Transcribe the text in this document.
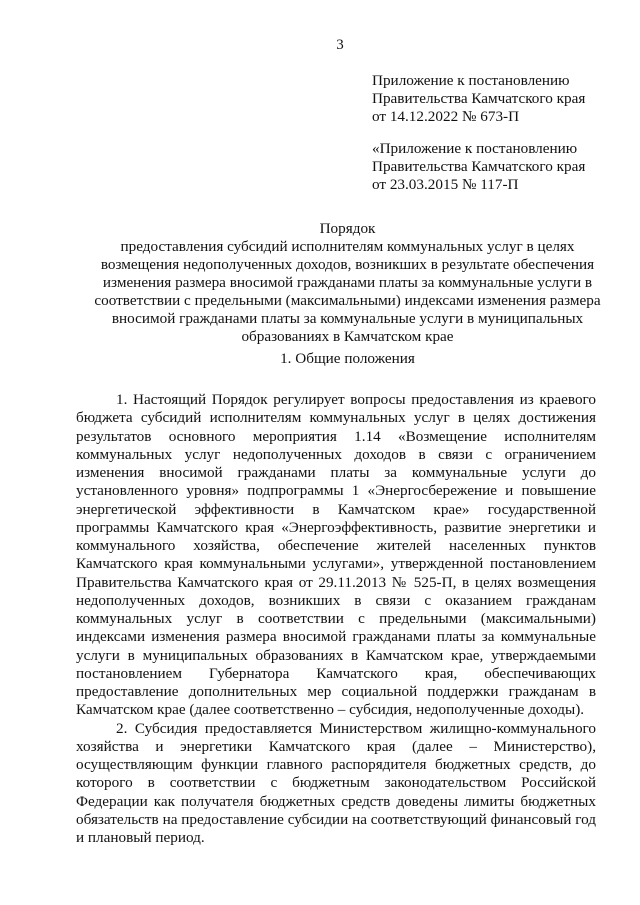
3
Приложение к постановлению
Правительства Камчатского края
от 14.12.2022 № 673-П
«Приложение к постановлению
Правительства Камчатского края
от 23.03.2015 № 117-П
Порядок
предоставления субсидий исполнителям коммунальных услуг в целях
возмещения недополученных доходов, возникших в результате обеспечения
изменения размера вносимой гражданами платы за коммунальные услуги в
соответствии с предельными (максимальными) индексами изменения размера
вносимой гражданами платы за коммунальные услуги в муниципальных
образованиях в Камчатском крае
1. Общие положения

1. Настоящий Порядок регулирует вопросы предоставления из краевого бюджета субсидий исполнителям коммунальных услуг в целях достижения результатов основного мероприятия 1.14 «Возмещение исполнителям коммунальных услуг недополученных доходов в связи с ограничением изменения вносимой гражданами платы за коммунальные услуги до установленного уровня» подпрограммы 1 «Энергосбережение и повышение энергетической эффективности в Камчатском крае» государственной программы Камчатского края «Энергоэффективность, развитие энергетики и коммунального хозяйства, обеспечение жителей населенных пунктов Камчатского края коммунальными услугами», утвержденной постановлением Правительства Камчатского края от 29.11.2013 № 525-П, в целях возмещения недополученных доходов, возникших в связи с оказанием гражданам коммунальных услуг в соответствии с предельными (максимальными) индексами изменения размера вносимой гражданами платы за коммунальные услуги в муниципальных образованиях в Камчатском крае, утверждаемыми постановлением Губернатора Камчатского края, обеспечивающих предоставление дополнительных мер социальной поддержки гражданам в Камчатском крае (далее соответственно – субсидия, недополученные доходы).

2. Субсидия предоставляется Министерством жилищно-коммунального хозяйства и энергетики Камчатского края (далее – Министерство), осуществляющим функции главного распорядителя бюджетных средств, до которого в соответствии с бюджетным законодательством Российской Федерации как получателя бюджетных средств доведены лимиты бюджетных обязательств на предоставление субсидии на соответствующий финансовый год и плановый период.
